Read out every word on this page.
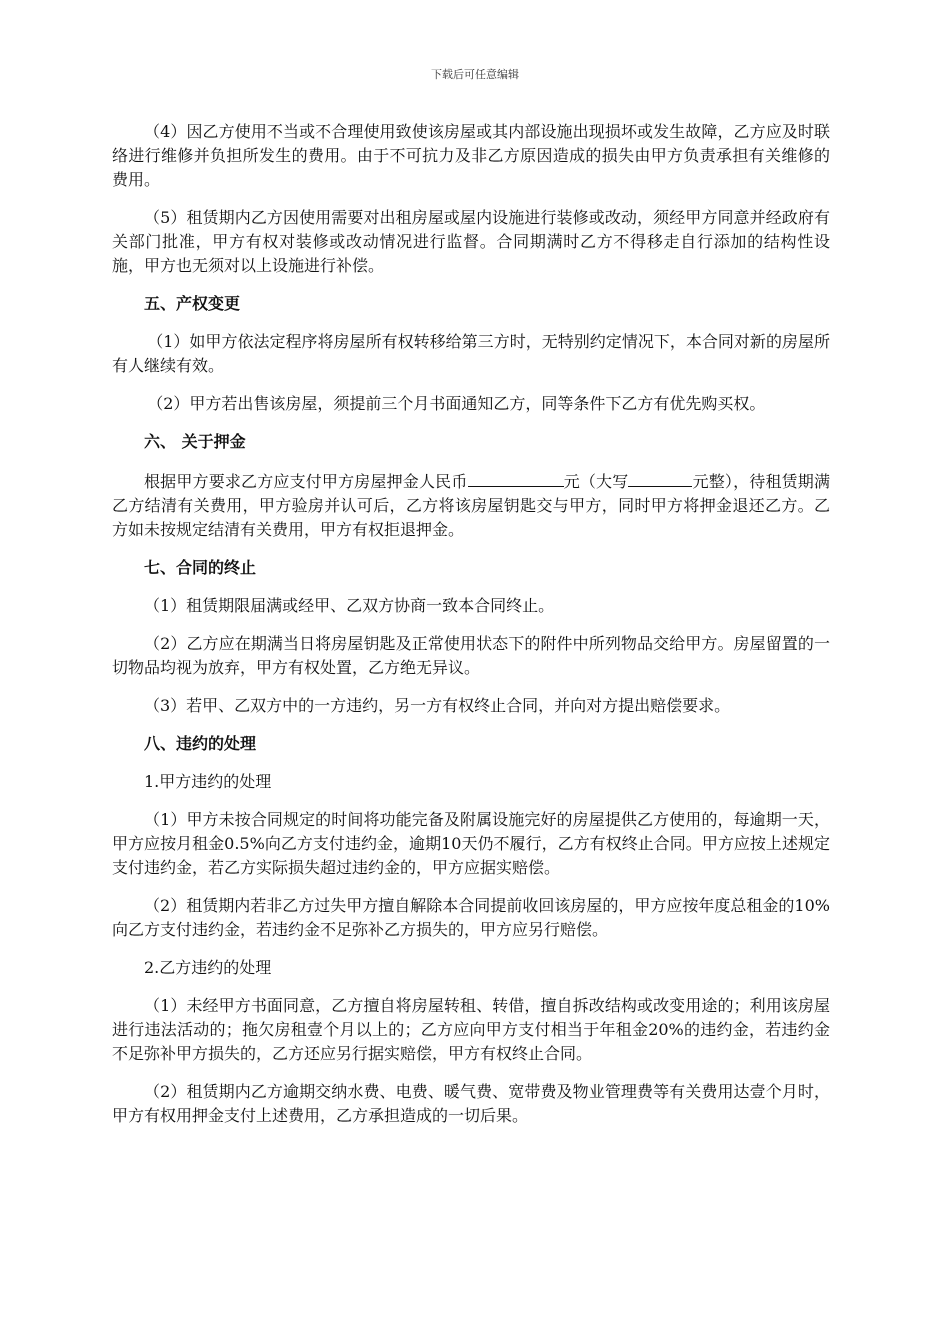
下载后可任意编辑

（4）因乙方使用不当或不合理使用致使该房屋或其内部设施出现损坏或发生故障，乙方应及时联络进行维修并负担所发生的费用。由于不可抗力及非乙方原因造成的损失由甲方负责承担有关维修的费用。

（5）租赁期内乙方因使用需要对出租房屋或屋内设施进行装修或改动，须经甲方同意并经政府有关部门批准，甲方有权对装修或改动情况进行监督。合同期满时乙方不得移走自行添加的结构性设施，甲方也无须对以上设施进行补偿。

五、产权变更

（1）如甲方依法定程序将房屋所有权转移给第三方时，无特别约定情况下，本合同对新的房屋所有人继续有效。

（2）甲方若出售该房屋，须提前三个月书面通知乙方，同等条件下乙方有优先购买权。

六、 关于押金

根据甲方要求乙方应支付甲方房屋押金人民币	元（大写	元整），待租赁期满乙方结清有关费用，甲方验房并认可后，乙方将该房屋钥匙交与甲方，同时甲方将押金退还乙方。乙方如未按规定结清有关费用，甲方有权拒退押金。

七、合同的终止

（1）租赁期限届满或经甲、乙双方协商一致本合同终止。

（2）乙方应在期满当日将房屋钥匙及正常使用状态下的附件中所列物品交给甲方。房屋留置的一切物品均视为放弃，甲方有权处置，乙方绝无异议。

（3）若甲、乙双方中的一方违约，另一方有权终止合同，并向对方提出赔偿要求。

八、违约的处理

1.甲方违约的处理

（1）甲方未按合同规定的时间将功能完备及附属设施完好的房屋提供乙方使用的，每逾期一天，甲方应按月租金0.5%向乙方支付违约金，逾期10天仍不履行，乙方有权终止合同。甲方应按上述规定支付违约金，若乙方实际损失超过违约金的，甲方应据实赔偿。

（2）租赁期内若非乙方过失甲方擅自解除本合同提前收回该房屋的，甲方应按年度总租金的10%向乙方支付违约金，若违约金不足弥补乙方损失的，甲方应另行赔偿。

2.乙方违约的处理

（1）未经甲方书面同意，乙方擅自将房屋转租、转借，擅自拆改结构或改变用途的；利用该房屋进行违法活动的；拖欠房租壹个月以上的；乙方应向甲方支付相当于年租金20%的违约金，若违约金不足弥补甲方损失的，乙方还应另行据实赔偿，甲方有权终止合同。

（2）租赁期内乙方逾期交纳水费、电费、暖气费、宽带费及物业管理费等有关费用达壹个月时，甲方有权用押金支付上述费用，乙方承担造成的一切后果。
